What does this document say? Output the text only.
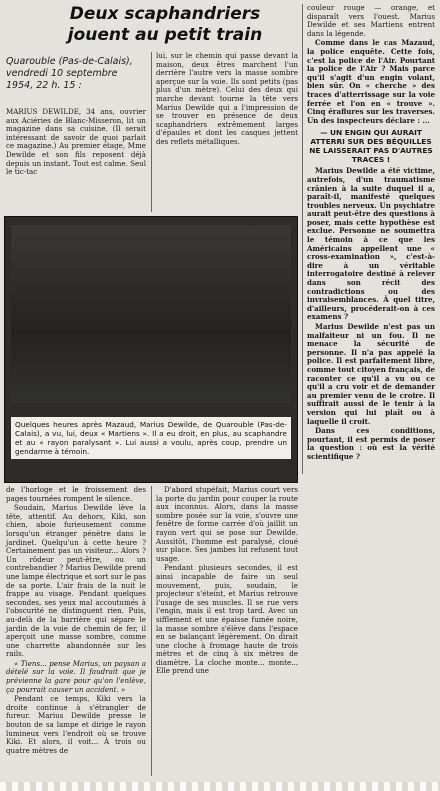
Deux scaphandriers
jouent au petit train
Quarouble (Pas-de-Calais), vendredi 10 septembre 1954, 22 h. 15 :

MARIUS DEWILDE, 34 ans, ouvrier aux Aciéries de Blanc-Misseron, lit un magazine dans sa cuisine. (Il serait intéressant de savoir de quoi parlait ce magazine.) Au premier étage, Mme Dewilde et son fils reposent déjà depuis un instant. Tout est calme. Seul le tic-tac

lui, sur le chemin qui passe devant la maison, deux êtres marchent l'un derrière l'autre vers la masse sombre aperçue sur la voie. Ils sont petits (pas plus d'un mètre). Celui des deux qui marche devant tourne la tête vers Marius Dewilde qui a l'impression de se trouver en présence de deux scaphandriers extrêmement larges d'épaules et dont les casques jettent des reflets métalliques.

Quelques heures après Mazaud, Marius Dewilde, de Quarouble (Pas-de-Calais), a vu, lui, deux « Martiens ». Il a eu droit, en plus, au scaphandre et au « rayon paralysant ». Lui aussi a voulu, après coup, prendre un gendarme à témoin.

de l'horloge et le froissement des pages tournées rompent le silence.

Soudain, Marius Dewilde lève la tête, attentif. Au dehors, Kiki, son chien, aboie furieusement comme lorsqu'un étranger pénètre dans le jardinet. Quelqu'un à cette heure ? Certainement pas un visiteur... Alors ? Un rôdeur peut-être, ou un contrebandier ? Marius Dewilde prend une lampe électrique et sort sur le pas de sa porte. L'air frais de la nuit le frappe au visage. Pendant quelques secondes, ses yeux mal accoutumés à l'obscurité ne distinguent rien. Puis, au-delà de la barrière qui sépare le jardin de la voie de chemin de fer, il aperçoit une masse sombre, comme une charrette abandonnée sur les rails.

« Tiens... pense Marius, un paysan a dételé sur la voie. Il faudrait que je prévienne la gare pour qu'on l'enlève, ça pourrait causer un accident. »

Pendant ce temps, Kiki vers la droite continue à s'étrangler de fureur. Marius Dewilde presse le bouton de sa lampe et dirige le rayon lumineux vers l'endroit où se trouve Kiki. Et alors, il voit... À trois ou quatre mètres de

D'abord stupéfait, Marius court vers la porte du jardin pour couper la route aux inconnus. Alors, dans la masse sombre posée sur la voie, s'ouvre une fenêtre de forme carrée d'où jaillit un rayon vert qui se pose sur Dewilde. Aussitôt, l'homme est paralysé, cloué sur place. Ses jambes lui refusent tout usage.

Pendant plusieurs secondes, il est ainsi incapable de faire un seul mouvement, puis, soudain, le projecteur s'éteint, et Marius retrouve l'usage de ses muscles. Il se rue vers l'engin, mais il est trop tard. Avec un sifflement et une épaisse fumée noire, la masse sombre s'élève dans l'espace en se balançant légèrement. On dirait une cloche à fromage haute de trois mètres et de cinq à six mètres de diamètre. La cloche monte... monte... Elle prend une

couleur rouge — orange, et disparaît vers l'ouest. Marius Dewilde et ses Martiens entrent dans la légende.

Comme dans le cas Mazaud, la police enquête. Cette fois, c'est la police de l'Air. Pourtant la police de l'Air ? Mais parce qu'il s'agit d'un engin volant, bien sûr. On « cherche » des traces d'atterrissage sur la voie ferrée et l'on en « trouve ». Cinq éraflures sur les traverses. Un des inspecteurs déclare : ...

— UN ENGIN QUI AURAIT ATTERRI SUR DES BÉQUILLES NE LAISSERAIT PAS D'AUTRES TRACES !

Marius Dewilde a été victime, autrefois, d'un traumatisme crânien à la suite duquel il a, paraît-il, manifesté quelques troubles nerveux. Un psychiatre aurait peut-être des questions à poser, mais cette hypothèse est exclue. Personne ne soumettra le témoin à ce que les Américains appellent une « cross-examination », c'est-à-dire à un véritable interrogatoire destiné à relever dans son récit des contradictions ou des invraisemblances. À quel titre, d'ailleurs, procéderait-on à ces examens ?

Marius Dewilde n'est pas un malfaiteur ni un fou. Il ne menace la sécurité de personne. Il n'a pas appelé la police. Il est parfaitement libre, comme tout citoyen français, de raconter ce qu'il a vu ou ce qu'il a cru voir et de demander au premier venu de le croire. Il suffirait aussi de le tenir à la version qui lui plaît ou à laquelle il croit.

Dans ces conditions, pourtant, il est permis de poser la question : où est la vérité scientifique ?
